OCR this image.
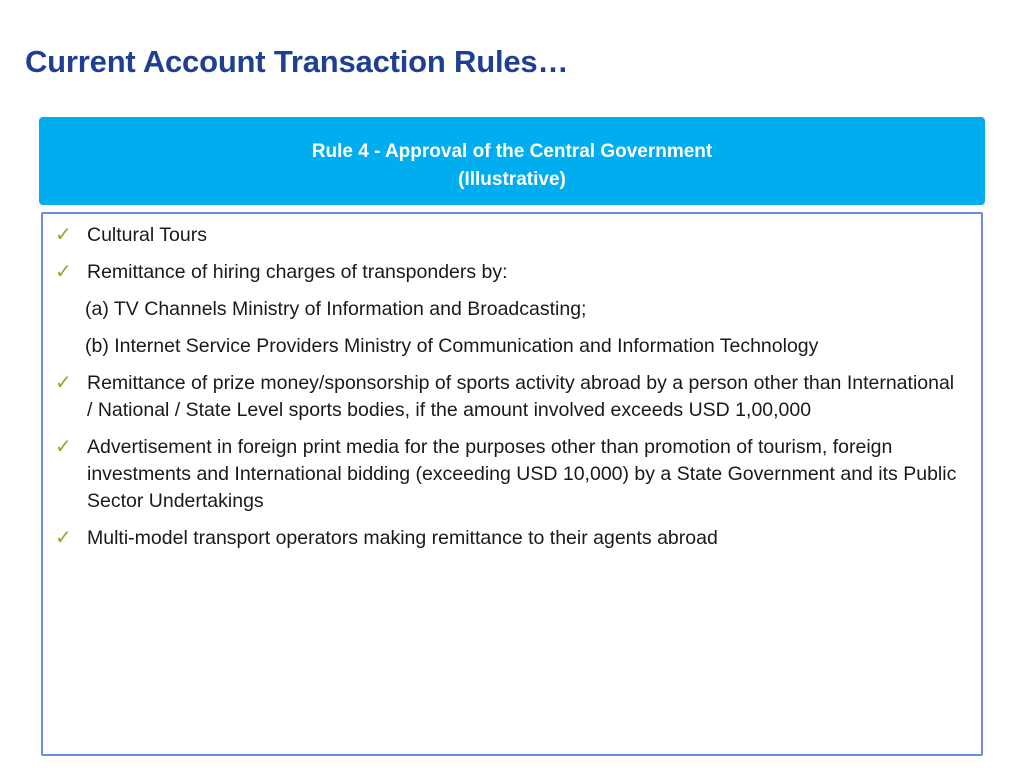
Current Account Transaction Rules…
Rule 4 - Approval of the Central Government
(Illustrative)
✓ Cultural Tours
✓ Remittance of hiring charges of transponders by:
(a) TV Channels Ministry of Information and Broadcasting;
(b) Internet Service Providers Ministry of Communication and Information Technology
✓ Remittance of prize money/sponsorship of sports activity abroad by a person other than International / National / State Level sports bodies, if the amount involved exceeds USD 1,00,000
✓ Advertisement in foreign print media for the purposes other than promotion of tourism, foreign investments and International bidding (exceeding USD 10,000) by a State Government and its Public Sector Undertakings
✓ Multi-model transport operators making remittance to their agents abroad
